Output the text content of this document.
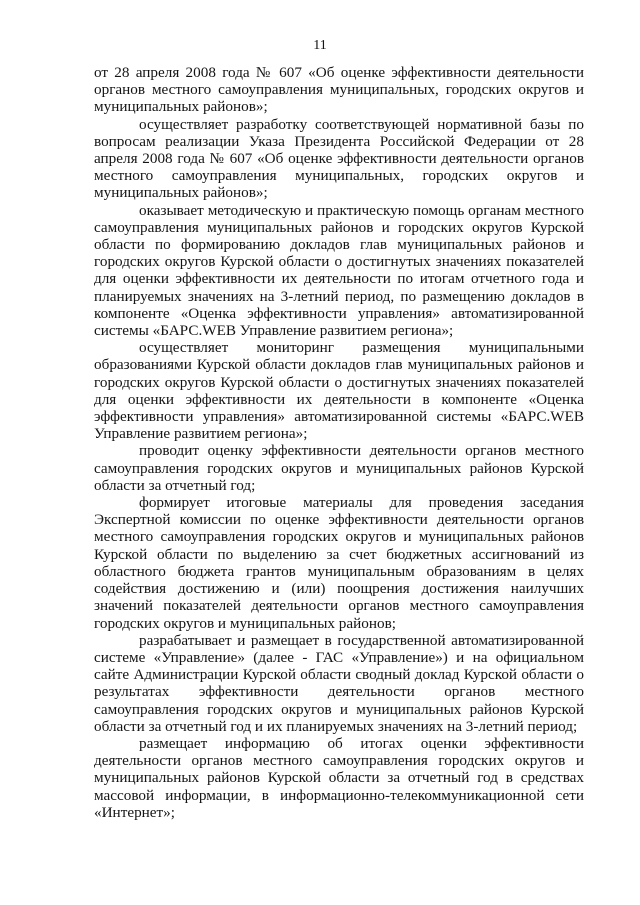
11

от 28 апреля 2008 года № 607 «Об оценке эффективности деятельности органов местного самоуправления муниципальных, городских округов и муниципальных районов»;

осуществляет разработку соответствующей нормативной базы по вопросам реализации Указа Президента Российской Федерации от 28 апреля 2008 года № 607 «Об оценке эффективности деятельности органов местного самоуправления муниципальных, городских округов и муниципальных районов»;

оказывает методическую и практическую помощь органам местного самоуправления муниципальных районов и городских округов Курской области по формированию докладов глав муниципальных районов и городских округов Курской области о достигнутых значениях показателей для оценки эффективности их деятельности по итогам отчетного года и планируемых значениях на 3-летний период, по размещению докладов в компоненте «Оценка эффективности управления» автоматизированной системы «БАРС.WEB Управление развитием региона»;

осуществляет мониторинг размещения муниципальными образованиями Курской области докладов глав муниципальных районов и городских округов Курской области о достигнутых значениях показателей для оценки эффективности их деятельности в компоненте «Оценка эффективности управления» автоматизированной системы «БАРС.WEB Управление развитием региона»;

проводит оценку эффективности деятельности органов местного самоуправления городских округов и муниципальных районов Курской области за отчетный год;

формирует итоговые материалы для проведения заседания Экспертной комиссии по оценке эффективности деятельности органов местного самоуправления городских округов и муниципальных районов Курской области по выделению за счет бюджетных ассигнований из областного бюджета грантов муниципальным образованиям в целях содействия достижению и (или) поощрения достижения наилучших значений показателей деятельности органов местного самоуправления городских округов и муниципальных районов;

разрабатывает и размещает в государственной автоматизированной системе «Управление» (далее - ГАС «Управление») и на официальном сайте Администрации Курской области сводный доклад Курской области о результатах эффективности деятельности органов местного самоуправления городских округов и муниципальных районов Курской области за отчетный год и их планируемых значениях на 3-летний период;

размещает информацию об итогах оценки эффективности деятельности органов местного самоуправления городских округов и муниципальных районов Курской области за отчетный год в средствах массовой информации, в информационно-телекоммуникационной сети «Интернет»;
